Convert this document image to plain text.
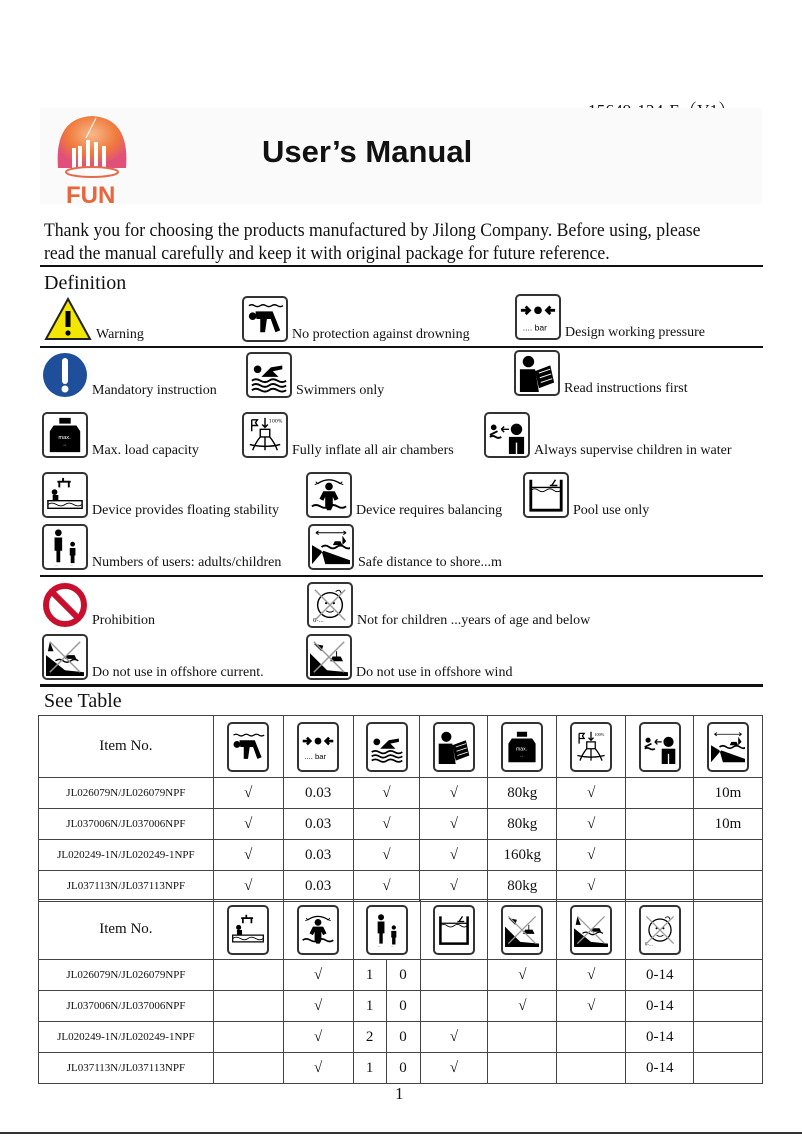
FUN
User’s Manual
Thank you for choosing the products manufactured by Jilong Company. Before using, please
read the manual carefully and keep it with original package for future reference.
Definition
Warning	No protection against drowning	Design working pressure
Mandatory instruction	Swimmers only	Read instructions first
Max. load capacity	Fully inflate all air chambers	Always supervise children in water
Device provides floating stability	Device requires balancing	Pool use only
Numbers of users: adults/children	Safe distance to shore...m
Prohibition	Not for children ...years of age and below
Do not use in offshore current.	Do not use in offshore wind
See Table
Item No.	

JL026079N/JL026079NPF	√	0.03	√	√	80kg	√		10m
JL037006N/JL037006NPF	√	0.03	√	√	80kg	√		10m
JL020249-1N/JL020249-1NPF	√	0.03	√	√	160kg	√		
JL037113N/JL037113NPF	√	0.03	√	√	80kg	√		
Item No.	

JL026079N/JL026079NPF		√	1	0		√	√	0-14	
JL037006N/JL037006NPF		√	1	0		√	√	0-14	
JL020249-1N/JL020249-1NPF		√	2	0	√			0-14	
JL037113N/JL037113NPF		√	1	0	√			0-14	
1
